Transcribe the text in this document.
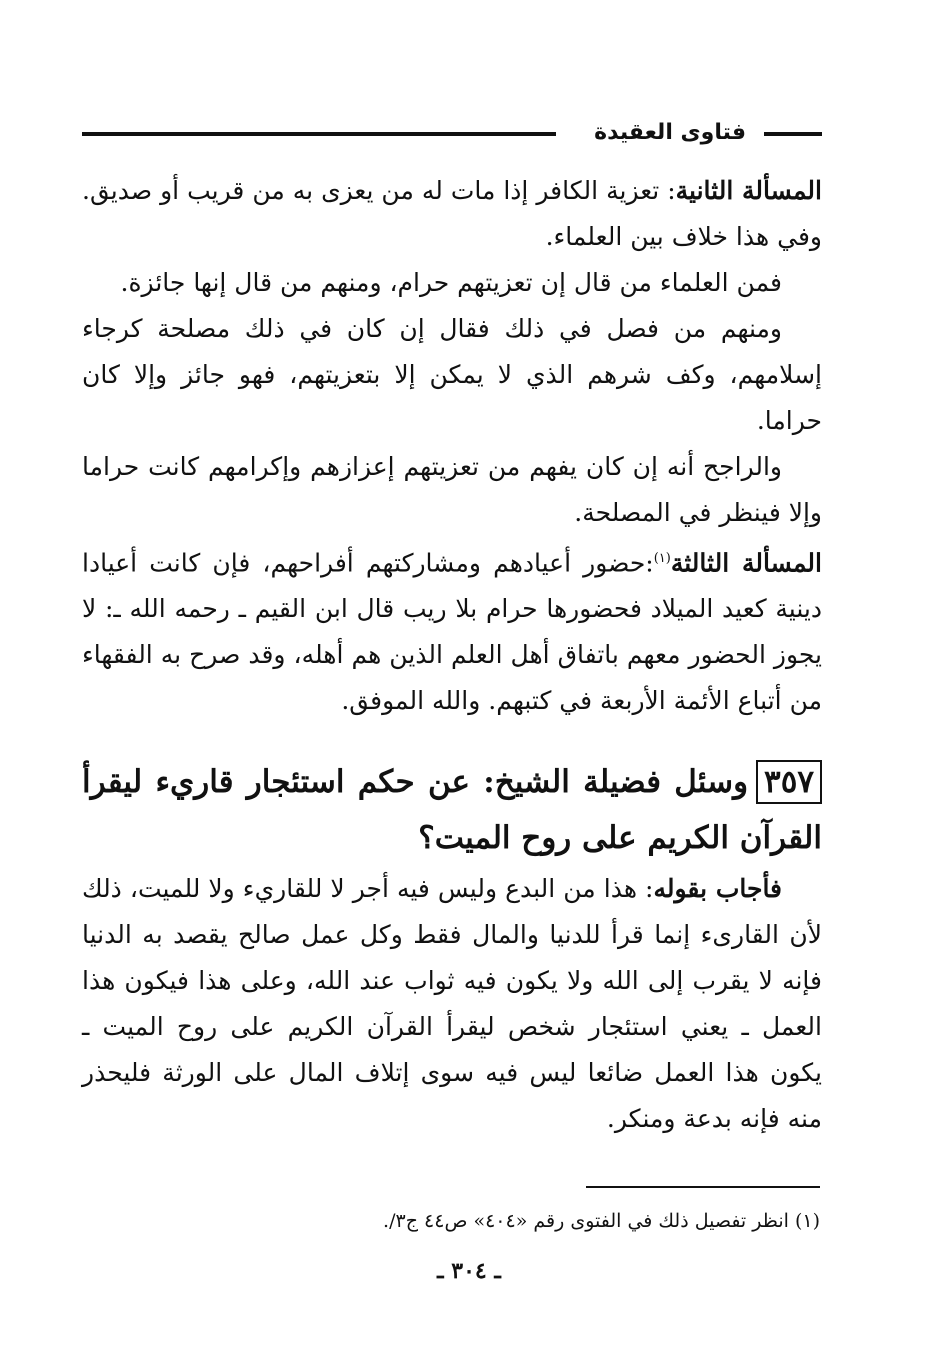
فتاوى العقيدة

المسألة الثانية: تعزية الكافر إذا مات له من يعزى به من قريب أو صديق. وفي هذا خلاف بين العلماء.

فمن العلماء من قال إن تعزيتهم حرام، ومنهم من قال إنها جائزة.

ومنهم من فصل في ذلك فقال إن كان في ذلك مصلحة كرجاء إسلامهم، وكف شرهم الذي لا يمكن إلا بتعزيتهم، فهو جائز وإلا كان حراما.

والراجح أنه إن كان يفهم من تعزيتهم إعزازهم وإكرامهم كانت حراما وإلا فينظر في المصلحة.

المسألة الثالثة$^{(١)}$:حضور أعيادهم ومشاركتهم أفراحهم، فإن كانت أعيادا دينية كعيد الميلاد فحضورها حرام بلا ريب قال ابن القيم ـ رحمه الله ـ: لا يجوز الحضور معهم باتفاق أهل العلم الذين هم أهله، وقد صرح به الفقهاء من أتباع الأئمة الأربعة في كتبهم. والله الموفق.

٣٥٧وسئل فضيلة الشيخ: عن حكم استئجار قاريء ليقرأ القرآن الكريم على روح الميت؟

فأجاب بقوله: هذا من البدع وليس فيه أجر لا للقاريء ولا للميت، ذلك لأن القارىء إنما قرأ للدنيا والمال فقط وكل عمل صالح يقصد به الدنيا فإنه لا يقرب إلى الله ولا يكون فيه ثواب عند الله، وعلى هذا فيكون هذا العمل ـ يعني استئجار شخص ليقرأ القرآن الكريم على روح الميت ـ يكون هذا العمل ضائعا ليس فيه سوى إتلاف المال على الورثة فليحذر منه فإنه بدعة ومنكر.

(١) انظر تفصيل ذلك في الفتوى رقم «٤٠٤» ص٤٤ ج٣/.
ـ ٣٠٤ ـ
